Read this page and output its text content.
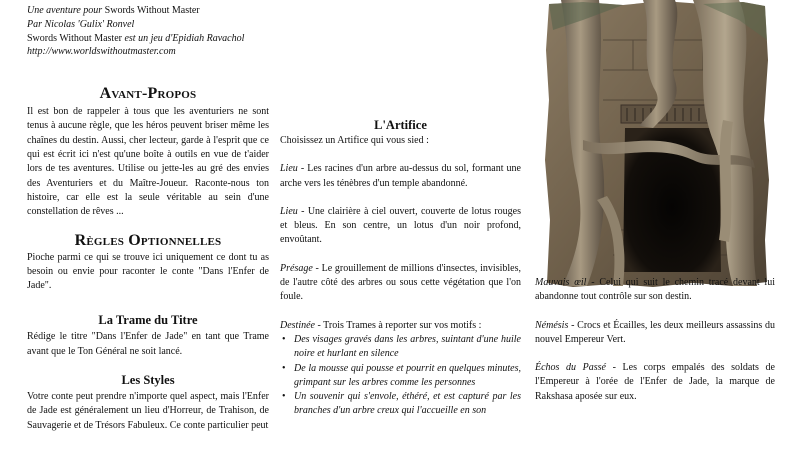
Une aventure pour Swords Without Master

Par Nicolas 'Gulix' Ronvel

Swords Without Master est un jeu d'Epidiah Ravachol

http://www.worldswithoutmaster.com

Avant-Propos

Il est bon de rappeler à tous que les aventuriers ne sont tenus à aucune règle, que les héros peuvent briser même les chaînes du destin. Aussi, cher lecteur, garde à l'esprit que ce qui est écrit ici n'est qu'une boîte à outils en vue de t'aider lors de tes aventures. Utilise ou jette-les au gré des envies des Aventuriers et du Maître-Joueur. Raconte-nous ton histoire, car elle est la seule véritable au sein d'une constellation de rêves ...

Règles Optionnelles

Pioche parmi ce qui se trouve ici uniquement ce dont tu as besoin ou envie pour raconter le conte "Dans l'Enfer de Jade".

La Trame du Titre

Rédige le titre "Dans l'Enfer de Jade" en tant que Trame avant que le Ton Général ne soit lancé.

Les Styles

Votre conte peut prendre n'importe quel aspect, mais l'Enfer de Jade est généralement un lieu d'Horreur, de Trahison, de Sauvagerie et de Trésors Fabuleux. Ce conte particulier peut

L'Artifice

Choisissez un Artifice qui vous sied :

Lieu - Les racines d'un arbre au-dessus du sol, formant une arche vers les ténèbres d'un temple abandonné.

Lieu - Une clairière à ciel ouvert, couverte de lotus rouges et bleus. En son centre, un lotus d'un noir profond, envoûtant.

Présage - Le grouillement de millions d'insectes, invisibles, de l'autre côté des arbres ou sous cette végétation que l'on foule.

Destinée - Trois Trames à reporter sur vos motifs :

• Des visages gravés dans les arbres, suintant d'une huile noire et hurlant en silence
• De la mousse qui pousse et pourrit en quelques minutes, grimpant sur les arbres comme les personnes
• Un souvenir qui s'envole, éthéré, et est capturé par les branches d'un arbre creux qui l'accueille en son

Mauvais œil - Celui qui suit le chemin tracé devant lui abandonne tout contrôle sur son destin.

Némésis - Crocs et Écailles, les deux meilleurs assassins du nouvel Empereur Vert.

Échos du Passé - Les corps empalés des soldats de l'Empereur à l'orée de l'Enfer de Jade, la marque de Rakshasa aposée sur eux.
